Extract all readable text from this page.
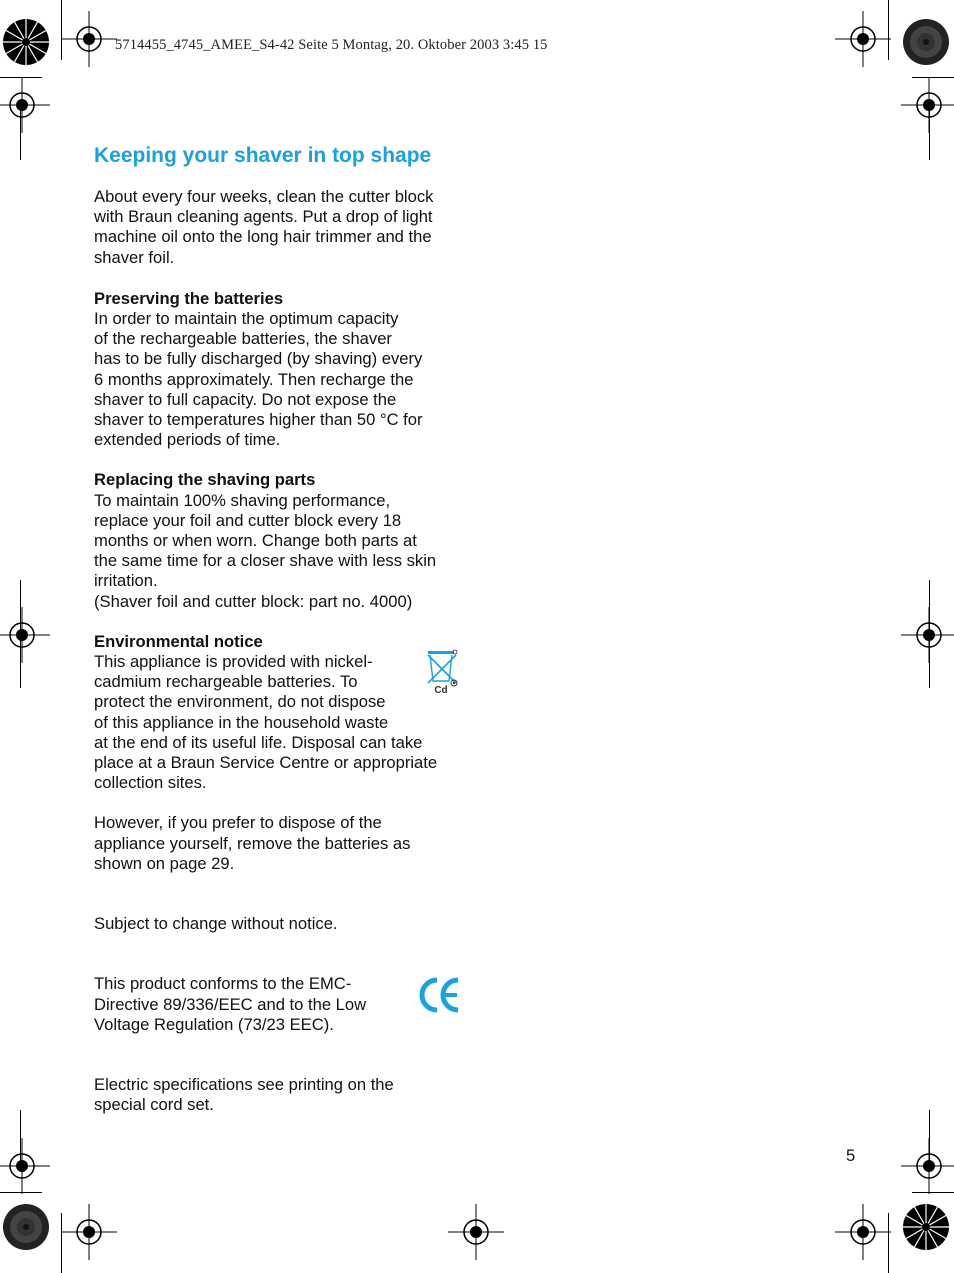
5714455_4745_AMEE_S4-42 Seite 5 Montag, 20. Oktober 2003 3:45 15
Keeping your shaver in top shape

About every four weeks, clean the cutter block
with Braun cleaning agents. Put a drop of light
machine oil onto the long hair trimmer and the
shaver foil.

Preserving the batteries

In order to maintain the optimum capacity
of the rechargeable batteries, the shaver
has to be fully discharged (by shaving) every
6 months approximately. Then recharge the
shaver to full capacity. Do not expose the
shaver to temperatures higher than 50 °C for
extended periods of time.

Replacing the shaving parts

To maintain 100% shaving performance,
replace your foil and cutter block every 18
months or when worn. Change both parts at
the same time for a closer shave with less skin
irritation.
(Shaver foil and cutter block: part no. 4000)

Environmental notice

This appliance is provided with nickel-
cadmium rechargeable batteries. To
protect the environment, do not dispose
of this appliance in the household waste
at the end of its useful life. Disposal can take
place at a Braun Service Centre or appropriate
collection sites.

Cd

However, if you prefer to dispose of the
appliance yourself, remove the batteries as
shown on page 29.

Subject to change without notice.

This product conforms to the EMC-
Directive 89/336/EEC and to the Low
Voltage Regulation (73/23 EEC).

Electric specifications see printing on the
special cord set.

5
